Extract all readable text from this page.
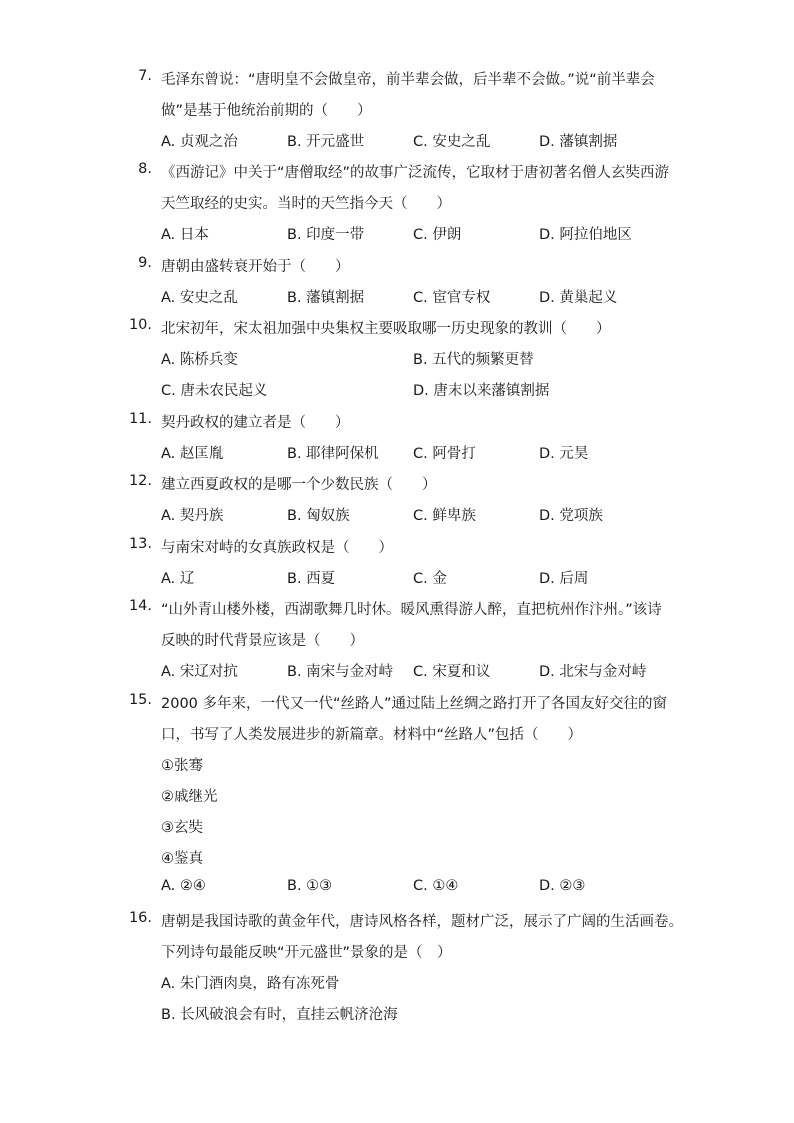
7. 毛泽东曾说：“唐明皇不会做皇帝，前半辈会做，后半辈不会做。”说“前半辈会
做”是基于他统治前期的（　　）
A. 贞观之治	B. 开元盛世	C. 安史之乱	D. 藩镇割据
8. 《西游记》中关于“唐僧取经”的故事广泛流传，它取材于唐初著名僧人玄奘西游
天竺取经的史实。当时的天竺指今天（　　）
A. 日本	B. 印度一带	C. 伊朗	D. 阿拉伯地区
9. 唐朝由盛转衰开始于（　　）
A. 安史之乱	B. 藩镇割据	C. 宦官专权	D. 黄巢起义
10. 北宋初年，宋太祖加强中央集权主要吸取哪一历史现象的教训（　　）
A. 陈桥兵变	B. 五代的频繁更替
C. 唐未农民起义	D. 唐末以来藩镇割据
11. 契丹政权的建立者是（　　）
A. 赵匡胤	B. 耶律阿保机 C. 阿骨打	D. 元昊
12. 建立西夏政权的是哪一个少数民族（　　）
A. 契丹族	B. 匈奴族	C. 鲜卑族	D. 党项族
13. 与南宋对峙的女真族政权是（　　）
A. 辽	B. 西夏	C. 金	D. 后周
14. “山外青山楼外楼，西湖歌舞几时休。暖风熏得游人醉，直把杭州作汴州。”该诗
反映的时代背景应该是（　　）
A. 宋辽对抗	B. 南宋与金对峙 C. 宋夏和议	D. 北宋与金对峙
15. 2000 多年来，一代又一代“丝路人”通过陆上丝绸之路打开了各国友好交往的窗
口，书写了人类发展进步的新篇章。材料中“丝路人”包括（　　）
①张骞
②戚继光
③玄奘
④鉴真
A. ②④	B. ①③	C. ①④	D. ②③
16. 唐朝是我国诗歌的黄金年代，唐诗风格各样，题材广泛，展示了广阔的生活画卷。
下列诗句最能反映“开元盛世”景象的是（　）
A. 朱门酒肉臭，路有冻死骨
B. 长风破浪会有时，直挂云帆济沧海
